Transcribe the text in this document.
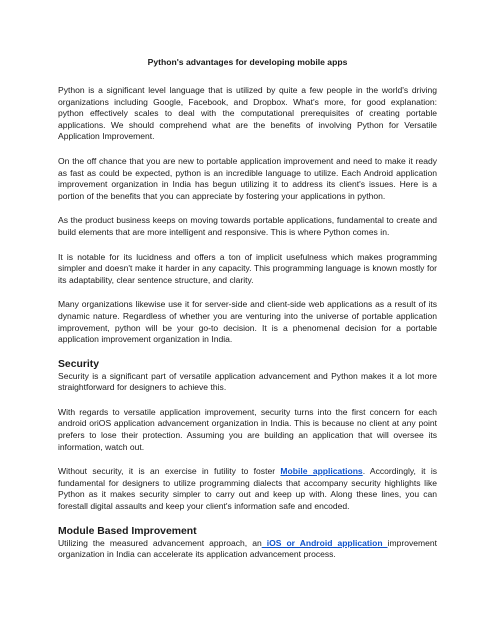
Python's advantages for developing mobile apps

Python is a significant level language that is utilized by quite a few people in the world's driving organizations including Google, Facebook, and Dropbox. What's more, for good explanation: python effectively scales to deal with the computational prerequisites of creating portable applications. We should comprehend what are the benefits of involving Python for Versatile Application Improvement.

On the off chance that you are new to portable application improvement and need to make it ready as fast as could be expected, python is an incredible language to utilize. Each Android application improvement organization in India has begun utilizing it to address its client's issues. Here is a portion of the benefits that you can appreciate by fostering your applications in python.

As the product business keeps on moving towards portable applications, fundamental to create and build elements that are more intelligent and responsive. This is where Python comes in.

It is notable for its lucidness and offers a ton of implicit usefulness which makes programming simpler and doesn't make it harder in any capacity. This programming language is known mostly for its adaptability, clear sentence structure, and clarity.

Many organizations likewise use it for server-side and client-side web applications as a result of its dynamic nature. Regardless of whether you are venturing into the universe of portable application improvement, python will be your go-to decision. It is a phenomenal decision for a portable application improvement organization in India.

Security

Security is a significant part of versatile application advancement and Python makes it a lot more straightforward for designers to achieve this.

With regards to versatile application improvement, security turns into the first concern for each android oriOS application advancement organization in India. This is because no client at any point prefers to lose their protection. Assuming you are building an application that will oversee its information, watch out.

Without security, it is an exercise in futility to foster Mobile applications. Accordingly, it is fundamental for designers to utilize programming dialects that accompany security highlights like Python as it makes security simpler to carry out and keep up with. Along these lines, you can forestall digital assaults and keep your client's information safe and encoded.

Module Based Improvement

Utilizing the measured advancement approach, an iOS or Android application improvement organization in India can accelerate its application advancement process.
